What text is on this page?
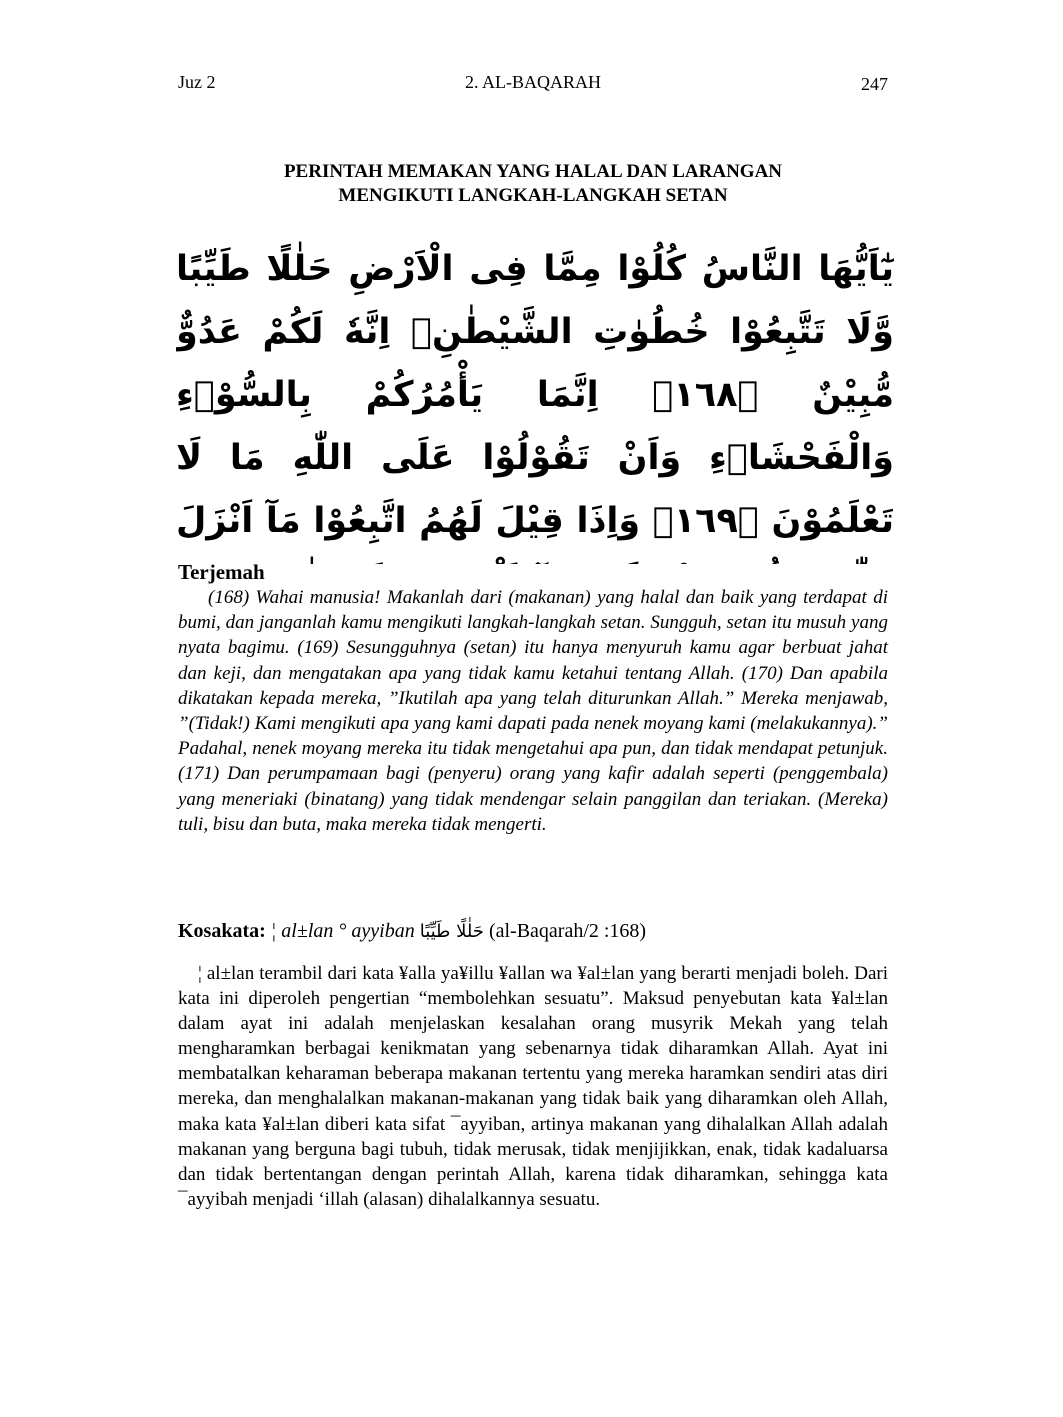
Juz 2	2. AL-BAQARAH	247
PERINTAH MEMAKAN YANG HALAL DAN LARANGAN
MENGIKUTI LANGKAH-LANGKAH SETAN
يٰٓاَيُّهَا النَّاسُ كُلُوْا مِمَّا فِى الْاَرْضِ حَلٰلًا طَيِّبًا ۖوَّلَا تَتَّبِعُوْا خُطُوٰتِ الشَّيْطٰنِۗ اِنَّهٗ لَكُمْ عَدُوٌّ مُّبِيْنٌ ﴿١٦٨﴾ اِنَّمَا يَأْمُرُكُمْ بِالسُّوْۤءِ وَالْفَحْشَاۤءِ وَاَنْ تَقُوْلُوْا عَلَى اللّٰهِ مَا لَا تَعْلَمُوْنَ ﴿١٦٩﴾ وَاِذَا قِيْلَ لَهُمُ اتَّبِعُوْا مَآ اَنْزَلَ
Terjemah

(168) Wahai manusia! Makanlah dari (makanan) yang halal dan baik yang terdapat di bumi, dan janganlah kamu mengikuti langkah-langkah setan. Sungguh, setan itu musuh yang nyata bagimu. (169) Sesungguhnya (setan) itu hanya menyuruh kamu agar berbuat jahat dan keji, dan mengatakan apa yang tidak kamu ketahui tentang Allah. (170) Dan apabila dikatakan kepada mereka, ”Ikutilah apa yang telah diturunkan Allah.” Mereka menjawab, ”(Tidak!) Kami mengikuti apa yang kami dapati pada nenek moyang kami (melakukannya).” Padahal, nenek moyang mereka itu tidak mengetahui apa pun, dan tidak mendapat petunjuk. (171) Dan perumpamaan bagi (penyeru) orang yang kafir adalah seperti (penggembala) yang meneriaki (binatang) yang tidak mendengar selain panggilan dan teriakan. (Mereka) tuli, bisu dan buta, maka mereka tidak mengerti.

Kosakata: ¦ al±lan ° ayyiban حَلٰلًا طَيِّبًا (al-Baqarah/2 :168)

¦ al±lan terambil dari kata ¥alla ya¥illu ¥allan wa ¥al±lan yang berarti menjadi boleh. Dari kata ini diperoleh pengertian “membolehkan sesuatu”. Maksud penyebutan kata ¥al±lan dalam ayat ini adalah menjelaskan kesalahan orang musyrik Mekah yang telah mengharamkan berbagai kenikmatan yang sebenarnya tidak diharamkan Allah. Ayat ini membatalkan keharaman beberapa makanan tertentu yang mereka haramkan sendiri atas diri mereka, dan menghalalkan makanan-makanan yang tidak baik yang diharamkan oleh Allah, maka kata ¥al±lan diberi kata sifat ¯ayyiban, artinya makanan yang dihalalkan Allah adalah makanan yang berguna bagi tubuh, tidak merusak, tidak menjijikkan, enak, tidak kadaluarsa dan tidak bertentangan dengan perintah Allah, karena tidak diharamkan, sehingga kata ¯ayyibah menjadi ‘illah (alasan) dihalalkannya sesuatu.
